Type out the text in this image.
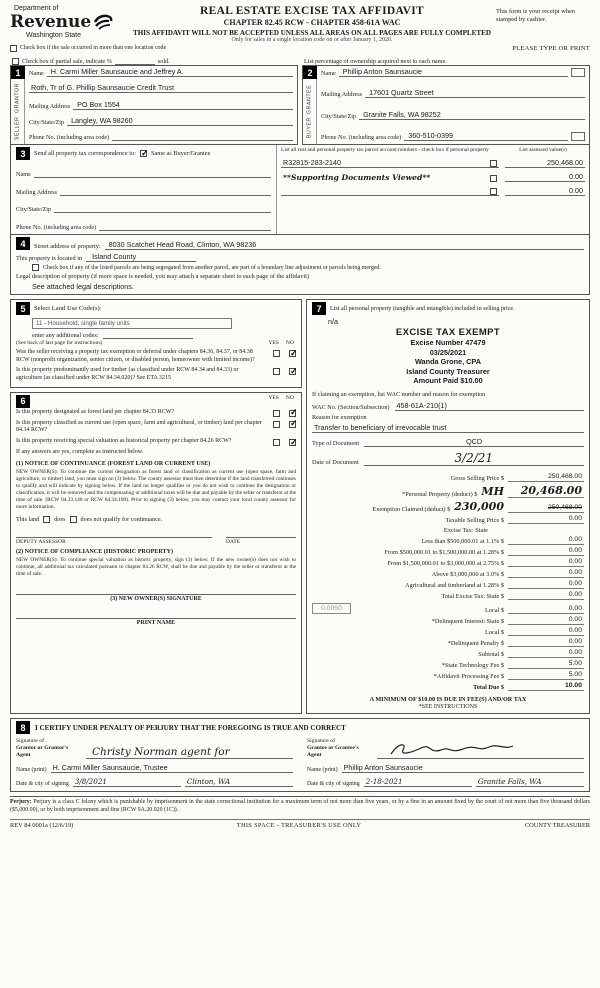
Department of
Revenue
Washington State
REAL ESTATE EXCISE TAX AFFIDAVIT
CHAPTER 82.45 RCW - CHAPTER 458-61A WAC
THIS AFFIDAVIT WILL NOT BE ACCEPTED UNLESS ALL AREAS ON ALL PAGES ARE FULLY COMPLETED
Only for sales in a single location code on or after January 1, 2020.
This form is your receipt when stamped by cashier.
Check box if the sale occurred in more than one location code	PLEASE TYPE OR PRINT
Check box if partial sale, indicate %	sold.
1
SELLER
GRANTOR
Name H. Carmi Miller Saunsaucie and Jeffrey A.
Roth, Tr of G. Phillip Saunsaucie Credit Trust
Mailing Address PO Box 1554
City/State/Zip Langley, WA 98260
Phone No. (including area code)
List percentage of ownership acquired next to each name.
2
BUYER
GRANTEE
Name Phillip Anton Saunsaucie
Mailing Address 17601 Quartz Street
City/State/Zip Granite Falls, WA 98252
Phone No. (including area code) 360-510-0399
3	Send all property tax correspondence to: ✓ Same as Buyer/Grantee
Name
Mailing Address
City/State/Zip
Phone No. (including area code)
List all real and personal property tax parcel account numbers - check box if personal property	List assessed value(s)
R32815-283-2140	250,468.00
**Supporting Documents Viewed**	0.00
0.00
4	Street address of property:	8030 Scatchet Head Road, Clinton, WA 98236
This property is located in	Island County
Check box if any of the listed parcels are being segregated from another parcel, are part of a boundary line adjustment or parcels being merged.
Legal description of property (if more space is needed, you may attach a separate sheet to each page of the affidavit)
See attached legal descriptions.
5	Select Land Use Code(s):
11 - Household, single family units
enter any additional codes:
(See back of last page for instructions)	YES NO
Was the seller receiving a property tax exemption or deferral under chapters 84.36, 84.37, or 84.38 RCW (nonprofit organization, senior citizen, or disabled person, homeowner with limited income)?
✓
Is this property predominantly used for timber (as classified under RCW 84.34 and 84.33) or agriculture (as classified under RCW 84.34.020)? See ETA 3215
✓
6	YES NO
Is this property designated as forest land per chapter 84.33 RCW?
✓
Is this property classified as current use (open space, farm and agricultural, or timber) land per chapter 84.34 RCW?
✓
Is this property receiving special valuation as historical property per chapter 84.26 RCW?
✓
If any answers are yes, complete as instructed below.
(1) NOTICE OF CONTINUANCE (FOREST LAND OR CURRENT USE)
NEW OWNER(S): To continue the current designation as forest land or classification as current use (open space, farm and agriculture, or timber) land, you must sign on (3) below. The county assessor must then determine if the land transferred continues to qualify and will indicate by signing below. If the land no longer qualifies or you do not wish to continue the designation or classification, it will be removed and the compensating or additional taxes will be due and payable by the seller or transferor at the time of sale. (RCW 84.33.140 or RCW 84.34.108). Prior to signing (3) below, you may contact your local county assessor for more information.
This land does does not qualify for continuance.
DEPUTY ASSESSOR	DATE
(2) NOTICE OF COMPLIANCE (HISTORIC PROPERTY)
NEW OWNER(S): To continue special valuation as historic property, sign (3) below. If the new owner(s) does not wish to continue, all additional tax calculated pursuant to chapter 84.26 RCW, shall be due and payable by the seller or transferor at the time of sale.
(3) NEW OWNER(S) SIGNATURE
PRINT NAME
7	List all personal property (tangible and intangible) included in selling price.
n/a
EXCISE TAX EXEMPT
Excise Number 47479
03/25/2021
Wanda Grone, CPA
Island County Treasurer
Amount Paid $10.00
If claiming an exemption, list WAC number and reason for exemption
WAC No. (Section/Subsection) 458-61A-210(1)
Reason for exemption
Transfer to beneficiary of irrevocable trust
Type of Document	QCD
Date of Document	3/2/21
Gross Selling Price $	250,468.00
*Personal Property (deduct) $ MH	20,468.00
Exemption Claimed (deduct) $ 230,000	250,468.00
Taxable Selling Price $	0.00
Excise Tax: State
Less than $500,000.01 at 1.1% $	0.00
From $500,000.01 to $1,500,000.00 at 1.28% $	0.00
From $1,500,000.01 to $3,000,000 at 2.75% $	0.00
Above $3,000,000 at 3.0% $	0.00
Agricultural and timberland at 1.28% $	0.00
Total Excise Tax: State $	0.00
0.0050	Local $	0.00
*Delinquent Interest: State $	0.00
Local $	0.00
*Delinquent Penalty $	0.00
Subtotal $	0.00
*State Technology Fee $	5.00
*Affidavit Processing Fee $	5.00
Total Due $	10.00
A MINIMUM OF $10.00 IS DUE IN FEE(S) AND/OR TAX
*SEE INSTRUCTIONS
8	I CERTIFY UNDER PENALTY OF PERJURY THAT THE FOREGOING IS TRUE AND CORRECT
Signature of
Grantor or Grantor's Agent	Christy Norman agent for
Name (print) H. Carmi Miller Saunsaucie, Trustee
Date & city of signing 3/8/2021	Clinton, WA
Signature of
Grantee or Grantee's Agent
Name (print) Phillip Anton Saunsaucie
Date & city of signing 2-18-2021	Granite Falls, WA
Perjury: Perjury is a class C felony which is punishable by imprisonment in the state correctional institution for a maximum term of not more than five years, or by a fine in an amount fixed by the court of not more than five thousand dollars ($5,000.00), or by both imprisonment and fine (RCW 9A.20.020 (1C)).
REV 84 0001a (12/6/19)	THIS SPACE - TREASURER'S USE ONLY	COUNTY TREASURER
